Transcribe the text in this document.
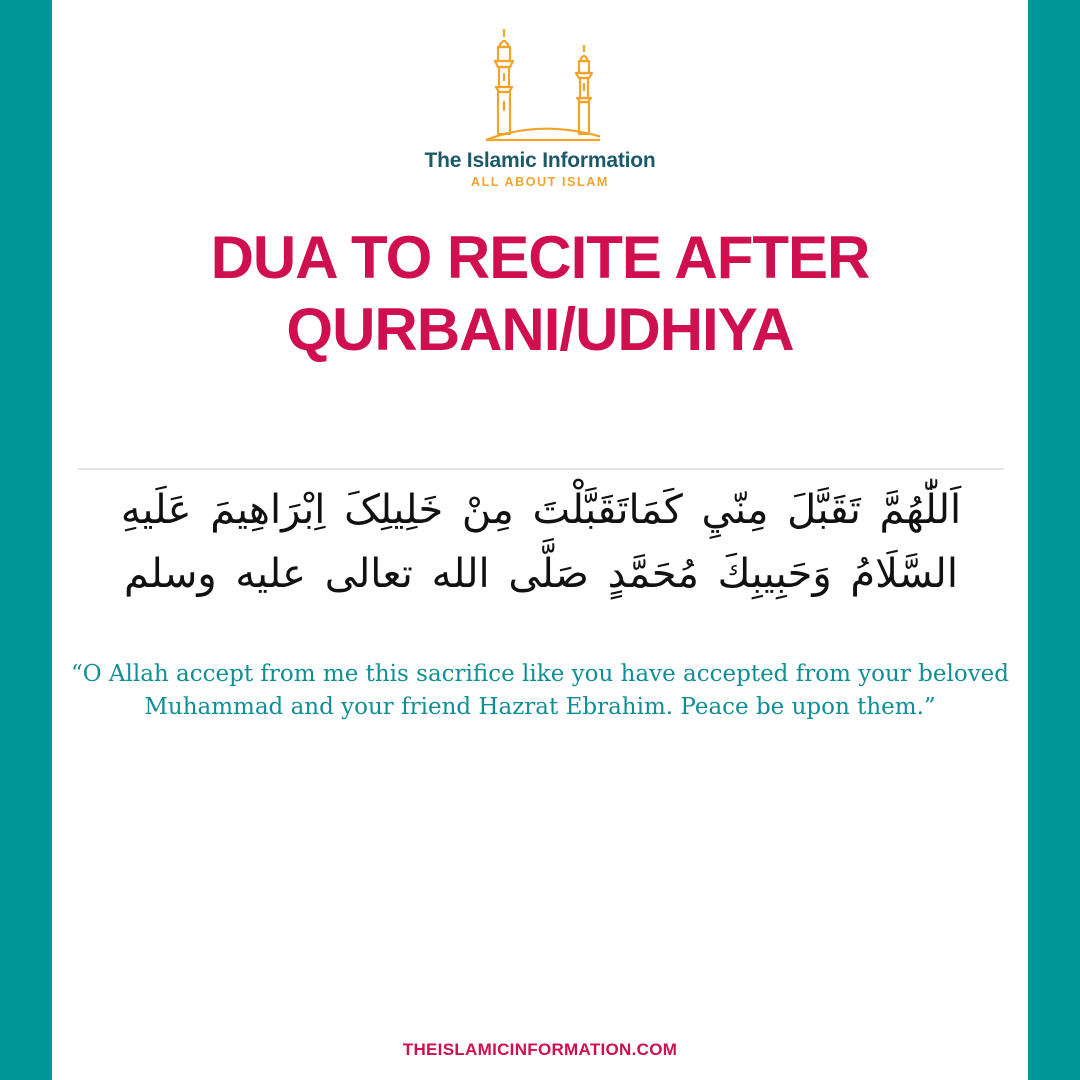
The Islamic Information
ALL ABOUT ISLAM
DUA TO RECITE AFTER
QURBANI/UDHIYA
اَللّٰهُمَّ تَقَبَّلَ مِنّيِ كَمَاتَقَبَّلْتَ مِنْ خَلِيلِکَ اِبْرَاهِيمَ عَلَيهِ
السَّلَامُ وَحَبِيبِكَ مُحَمَّدٍ صَلَّى الله تعالى عليه وسلم
“O Allah accept from me this sacrifice like you have accepted from your beloved Muhammad and your friend Hazrat Ebrahim. Peace be upon them.”
THEISLAMICINFORMATION.COM
